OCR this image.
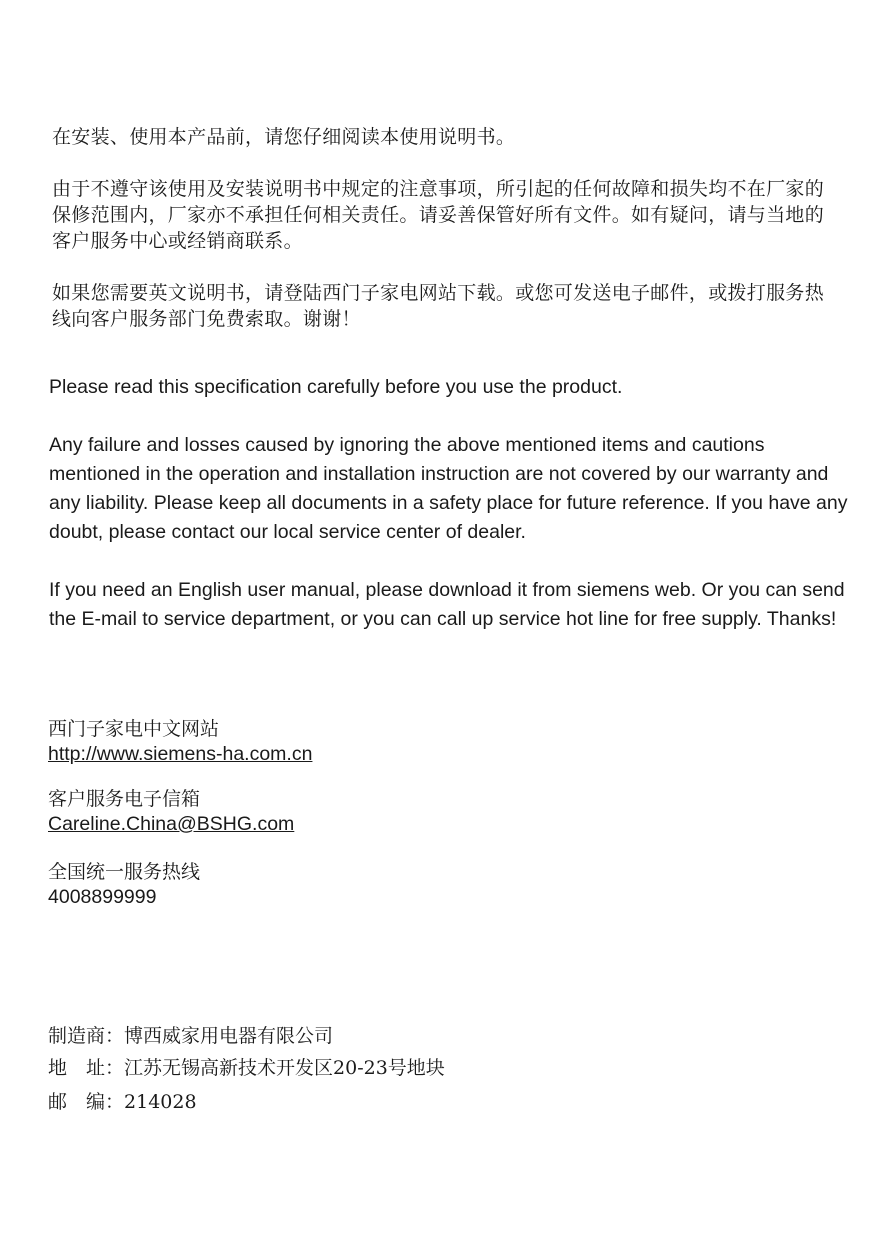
在安装、使用本产品前，请您仔细阅读本使用说明书。

由于不遵守该使用及安装说明书中规定的注意事项，所引起的任何故障和损失均不在厂家的保修范围内，厂家亦不承担任何相关责任。请妥善保管好所有文件。如有疑问，请与当地的客户服务中心或经销商联系。

如果您需要英文说明书，请登陆西门子家电网站下载。或您可发送电子邮件，或拨打服务热线向客户服务部门免费索取。谢谢！

Please read this specification carefully before you use the product.

Any failure and losses caused by ignoring the above mentioned items and cautions mentioned in the operation and installation instruction are not covered by our warranty and any liability. Please keep all documents in a safety place for future reference. If you have any doubt, please contact our local service center of dealer.

If you need an English user manual, please download it from siemens web. Or you can send the E-mail to service department, or you can call up service hot line for free supply. Thanks!

西门子家电中文网站
http://www.siemens-ha.com.cn
客户服务电子信箱
Careline.China@BSHG.com
全国统一服务热线
4008899999
制造商：博西威家用电器有限公司
地　址：江苏无锡高新技术开发区20-23号地块
邮　编：214028
